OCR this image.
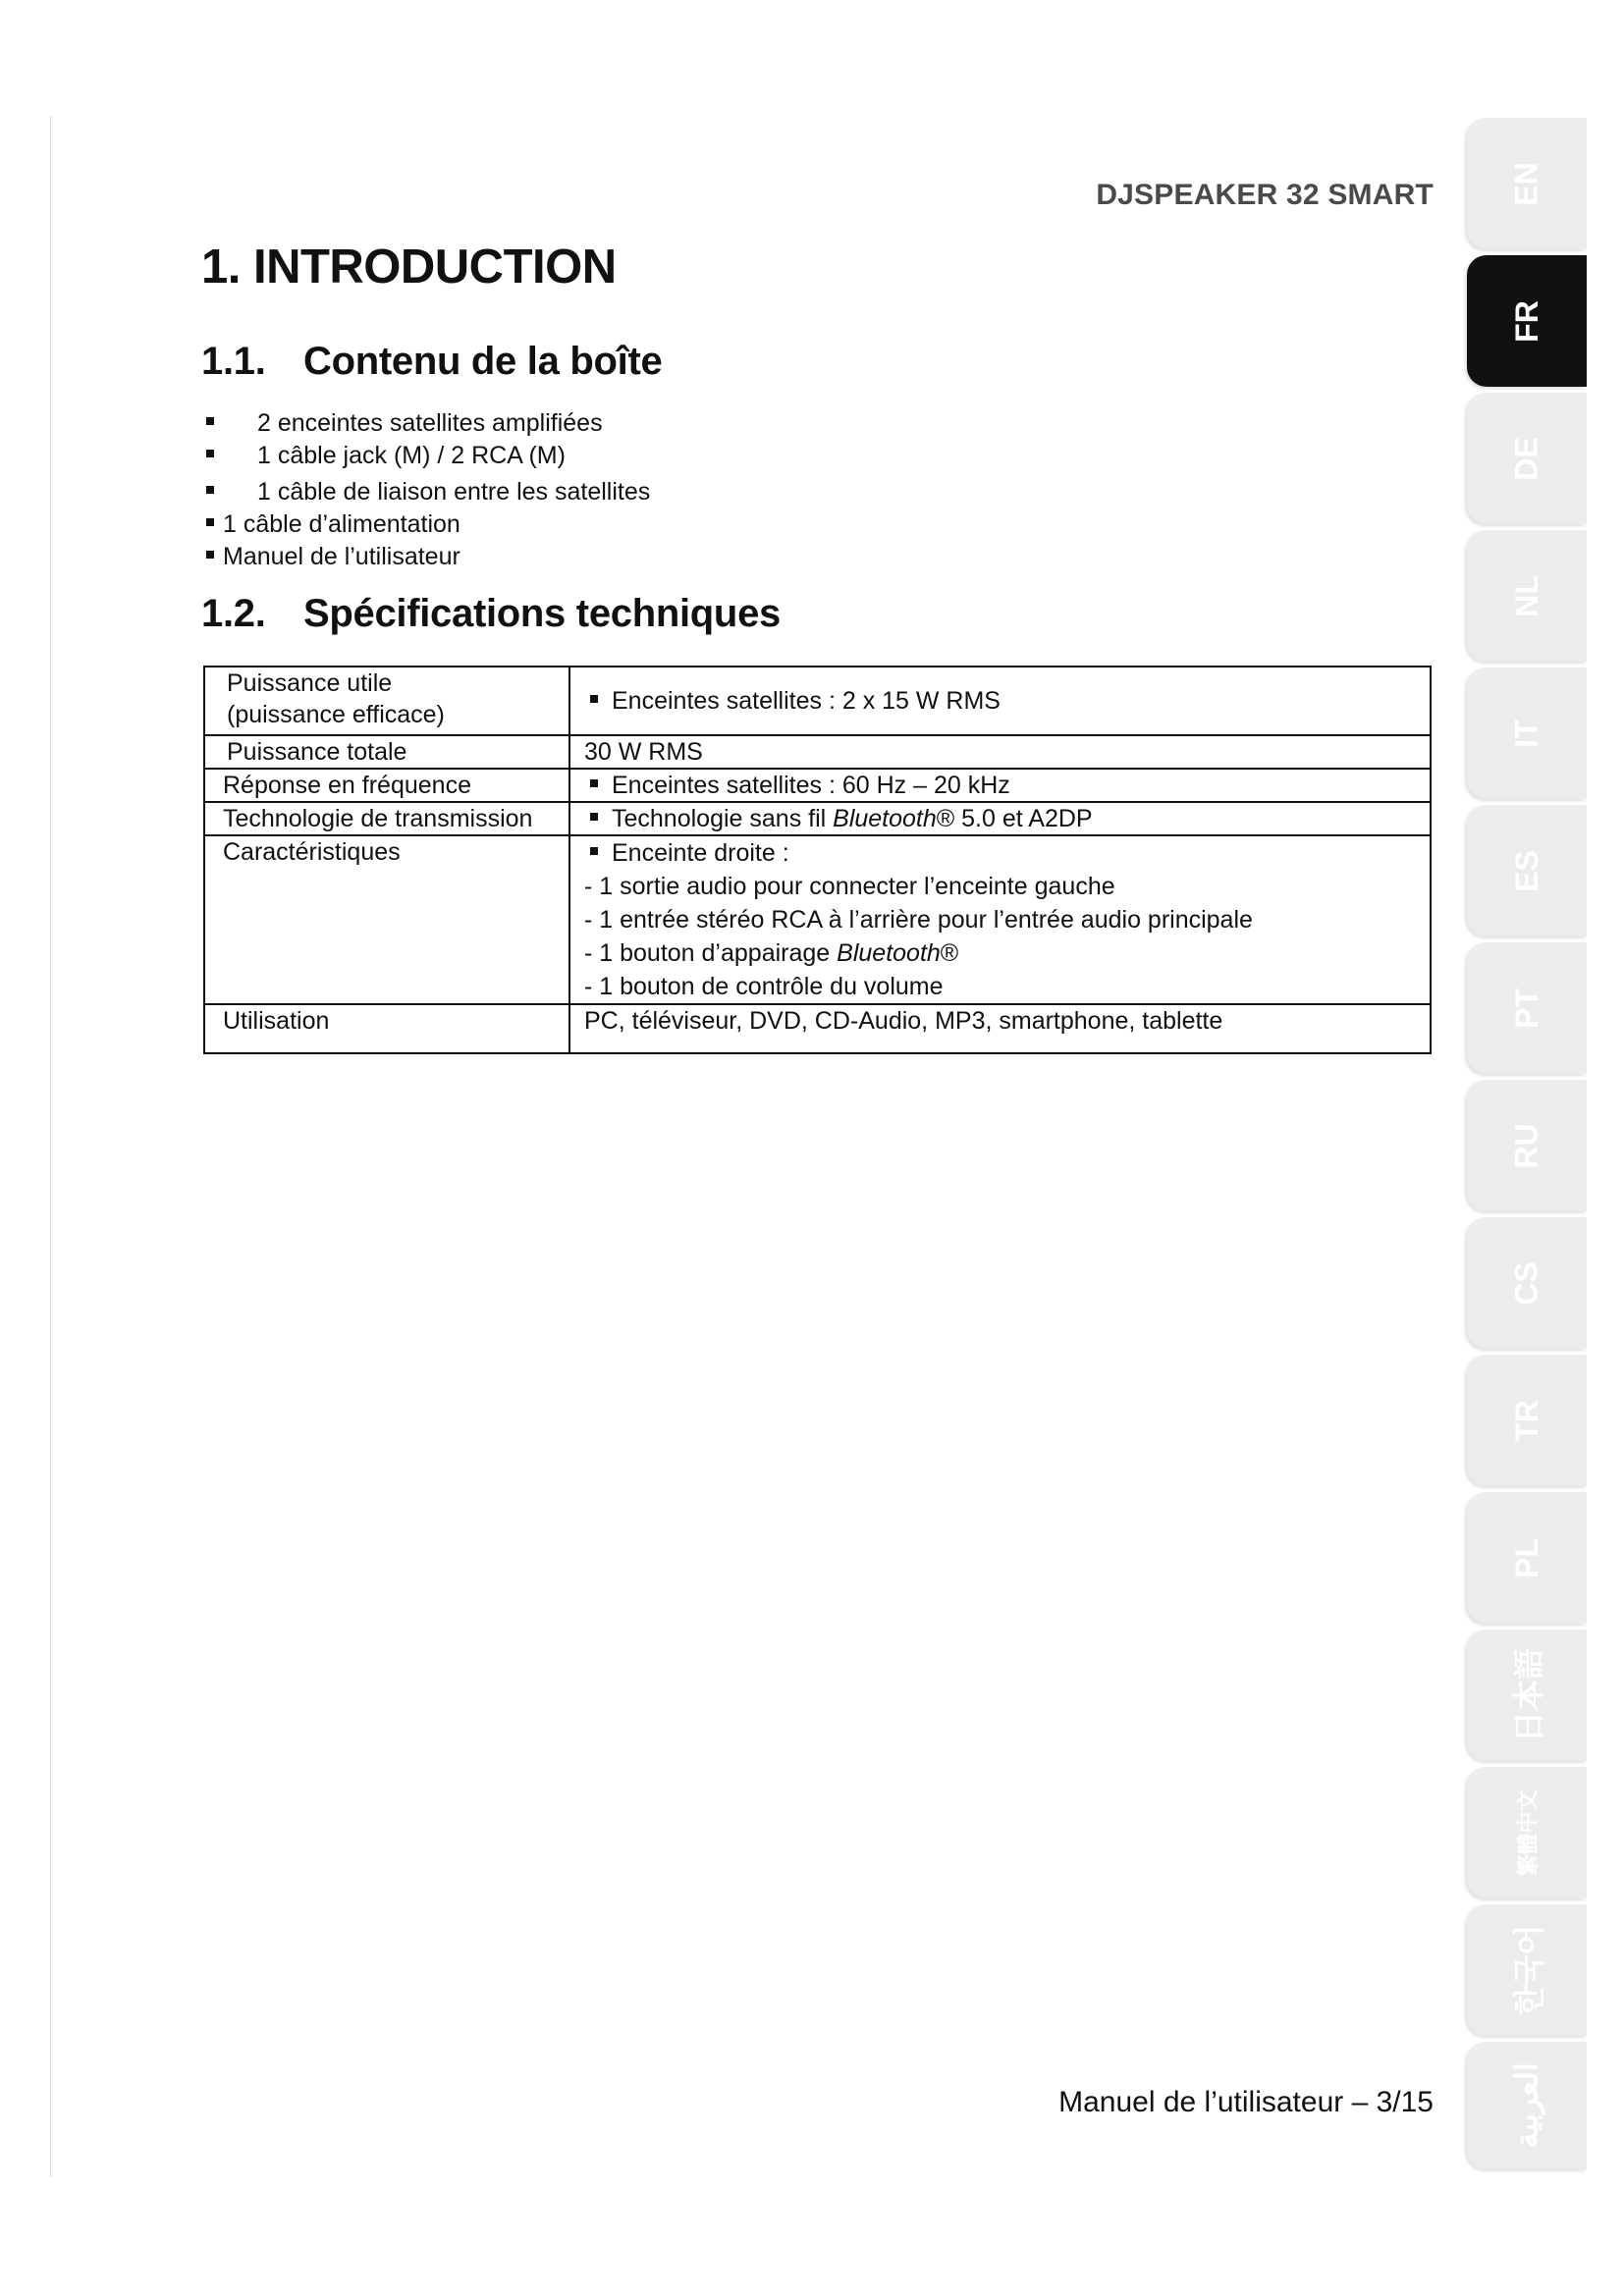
DJSPEAKER 32 SMART
1. INTRODUCTION
1.1. Contenu de la boîte
2 enceintes satellites amplifiées
1 câble jack (M) / 2 RCA (M)
1 câble de liaison entre les satellites
1 câble d’alimentation
Manuel de l’utilisateur
1.2. Spécifications techniques
Puissance utile
(puissance efficace)	Enceintes satellites : 2 x 15 W RMS

Puissance totale	30 W RMS

Réponse en fréquence	Enceintes satellites : 60 Hz – 20 kHz

Technologie de transmission	Technologie sans fil Bluetooth® 5.0 et A2DP

Caractéristiques	Enceinte droite :
- 1 sortie audio pour connecter l’enceinte gauche
- 1 entrée stéréo RCA à l’arrière pour l’entrée audio principale
- 1 bouton d’appairage Bluetooth®
- 1 bouton de contrôle du volume

Utilisation	PC, téléviseur, DVD, CD-Audio, MP3, smartphone, tablette
Manuel de l’utilisateur – 3/15
EN
FR
DE
NL
IT
ES
PT
RU
CS
TR
PL
日本語
繁體中文
한국어
العربية
